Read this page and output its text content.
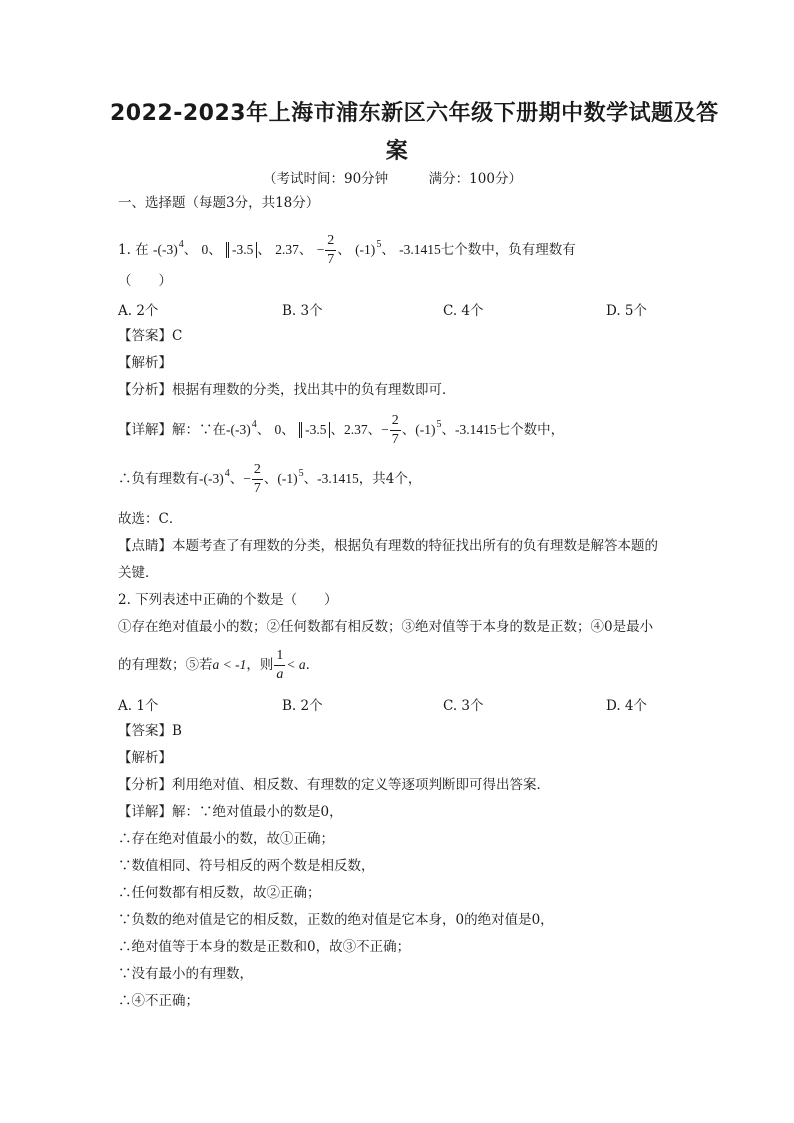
2022-2023年上海市浦东新区六年级下册期中数学试题及答
案
（考试时间：90分钟　　　满分：100分）
一、选择题（每题3分，共18分）
1. 在 $-(-3)^4$、 0、 -3.5 、 2.37、 − $\frac{2}{7}$ 、 $(-1)^5$、 -3.1415七个数中，负有理数有
（　　）
A. 2个	B. 3个	C. 4个	D. 5个
【答案】C
【解析】
【分析】根据有理数的分类，找出其中的负有理数即可．
【详解】解：∵在$-(-3)^4$、 0、 -3.5 、2.37、− $\frac{2}{7}$ 、$(-1)^5$、-3.1415七个数中，
∴负有理数有$-(-3)^4$、− $\frac{2}{7}$ 、$(-1)^5$、-3.1415，共4个，
故选：C．
【点睛】本题考查了有理数的分类，根据负有理数的特征找出所有的负有理数是解答本题的
关键．
2. 下列表述中正确的个数是（　　）
①存在绝对值最小的数；②任何数都有相反数；③绝对值等于本身的数是正数；④0是最小
的有理数；⑤若a < -1，则 $\frac{1}{a} < a$．
A. 1个	B. 2个	C. 3个	D. 4个
【答案】B
【解析】
【分析】利用绝对值、相反数、有理数的定义等逐项判断即可得出答案．
【详解】解：∵绝对值最小的数是0，
∴存在绝对值最小的数，故①正确；
∵数值相同、符号相反的两个数是相反数，
∴任何数都有相反数，故②正确；
∵负数的绝对值是它的相反数，正数的绝对值是它本身，0的绝对值是0，
∴绝对值等于本身的数是正数和0，故③不正确；
∵没有最小的有理数，
∴④不正确；
